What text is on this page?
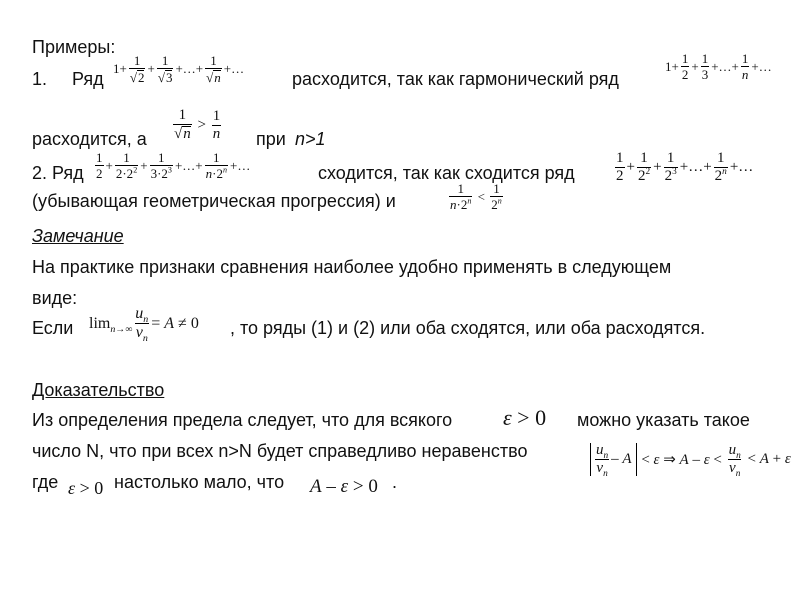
Примеры:
1. Ряд
$1+ \frac{1}{√2} + \frac{1}{√3}$ +…+ $\frac{1}{√n}$ +…
расходится, так как гармонический ряд
$1+ \frac{1}{2} + \frac{1}{3}$ +…+ $\frac{1}{n}$ +…
расходится, а $\frac{1}{√n} > \frac{1}{n}$ при n>1
2. Ряд $\frac{1}{2} + \frac{1}{2\cdot 2^2} + \frac{1}{3\cdot 2^3}$ +…+ $\frac{1}{n\cdot 2^n}$ +…	сходится, так как сходится ряд	$\frac{1}{2} + \frac{1}{2^2} + \frac{1}{2^3}$ +…+ $\frac{1}{2^n}$ +…
(убывающая геометрическая прогрессия) и	$\frac{1}{n\cdot 2^n} < \frac{1}{2^n}$
Замечание
На практике признаки сравнения наиболее удобно применять в следующем
виде:
Если $\lim_{n\to\infty} \frac{u_n}{v_n} = A \ne 0$ , то ряды (1) и (2) или оба сходятся, или оба расходятся.
Доказательство
Из определения предела следует, что для всякого ε > 0 можно указать такое
число N, что при всех n>N будет справедливо неравенство	$\frac{u_n}{v_n} - A < \varepsilon$ ⇒ $A - \varepsilon < \frac{u_n}{v_n} < A + \varepsilon$
где ε > 0 настолько мало, что A – ε > 0 .
